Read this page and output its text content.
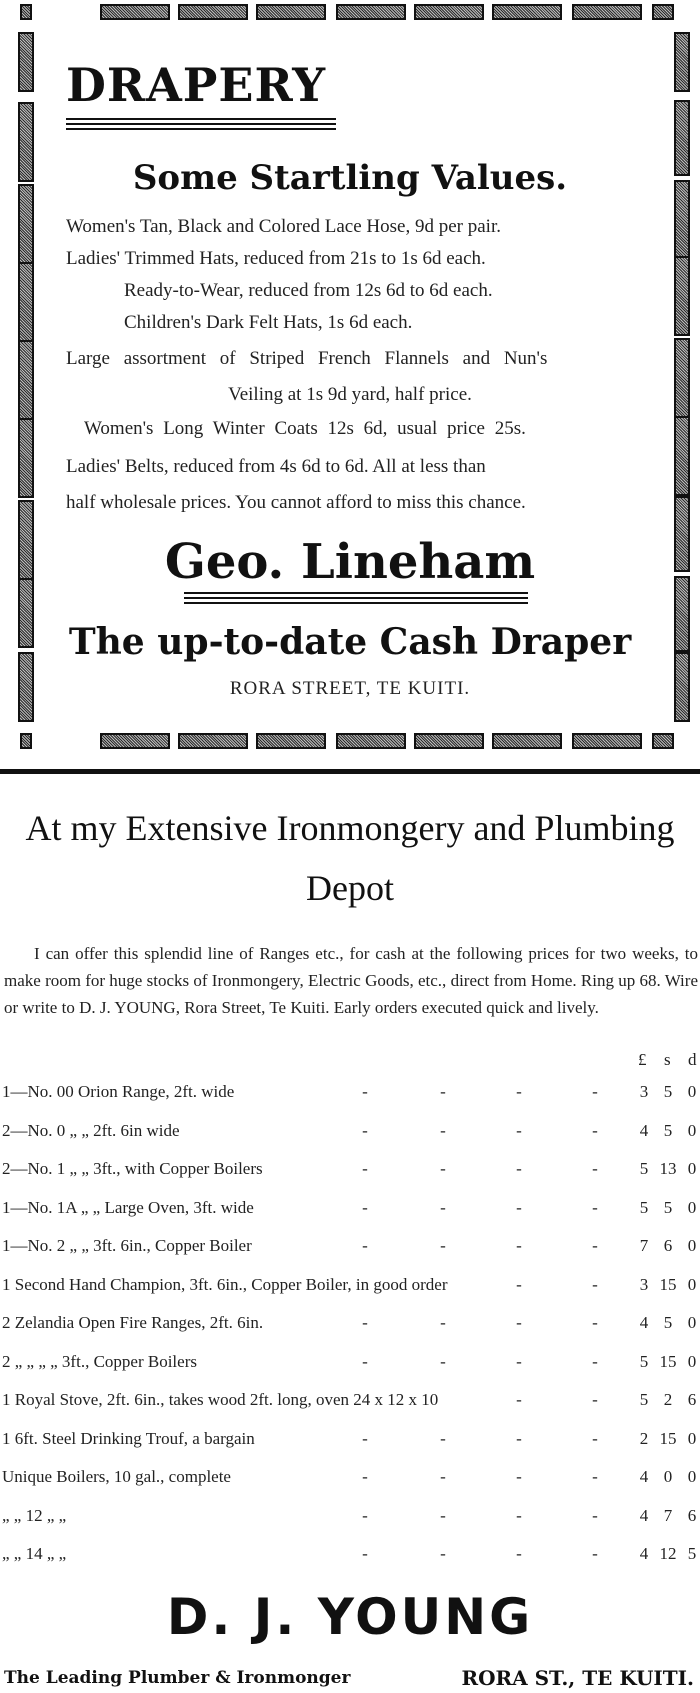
DRAPERY
Some Startling Values.
Women's Tan, Black and Colored Lace Hose, 9d per pair.
Ladies' Trimmed Hats, reduced from 21s to 1s 6d each.
Ready-to-Wear, reduced from 12s 6d to 6d each.
Children's Dark Felt Hats, 1s 6d each.
Large assortment of Striped French Flannels and Nun's
Veiling at 1s 9d yard, half price.
Women's Long Winter Coats 12s 6d, usual price 25s.
Ladies' Belts, reduced from 4s 6d to 6d. All at less than
half wholesale prices. You cannot afford to miss this chance.
Geo. Lineham
The up-to-date Cash Draper
RORA STREET, TE KUITI.
At my Extensive Ironmongery and Plumbing
Depot

I can offer this splendid line of Ranges etc., for cash at the following prices for two weeks, to make room for huge stocks of Ironmongery, Electric Goods, etc., direct from Home. Ring up 68. Wire or write to D. J. YOUNG, Rora Street, Te Kuiti. Early orders executed quick and lively.

£ s d
1—No. 00 Orion Range, 2ft. wide	-	-	-	- 3 5 0
2—No. 0 „ „ 2ft. 6in wide	-	-	-	- 4 5 0
2—No. 1 „ „ 3ft., with Copper Boilers	-	-	-	- 5 13 0
1—No. 1A „ „ Large Oven, 3ft. wide	-	-	-	- 5 5 0
1—No. 2 „ „ 3ft. 6in., Copper Boiler	-	-	-	- 7 6 0
1 Second Hand Champion, 3ft. 6in., Copper Boiler, in good order	-	- 3 15 0
2 Zelandia Open Fire Ranges, 2ft. 6in.	-	-	-	- 4 5 0
2 „ „ „ „ 3ft., Copper Boilers	-	-	-	- 5 15 0
1 Royal Stove, 2ft. 6in., takes wood 2ft. long, oven 24 x 12 x 10	-	- 5 2 6
1 6ft. Steel Drinking Trouf, a bargain	-	-	-	- 2 15 0
Unique Boilers, 10 gal., complete	-	-	-	- 4 0 0
„ „ 12 „ „	-	-	-	- 4 7 6
„ „ 14 „ „	-	-	-	- 4 12 5
D. J. YOUNG
The Leading Plumber & Ironmonger	RORA ST., TE KUITI.
